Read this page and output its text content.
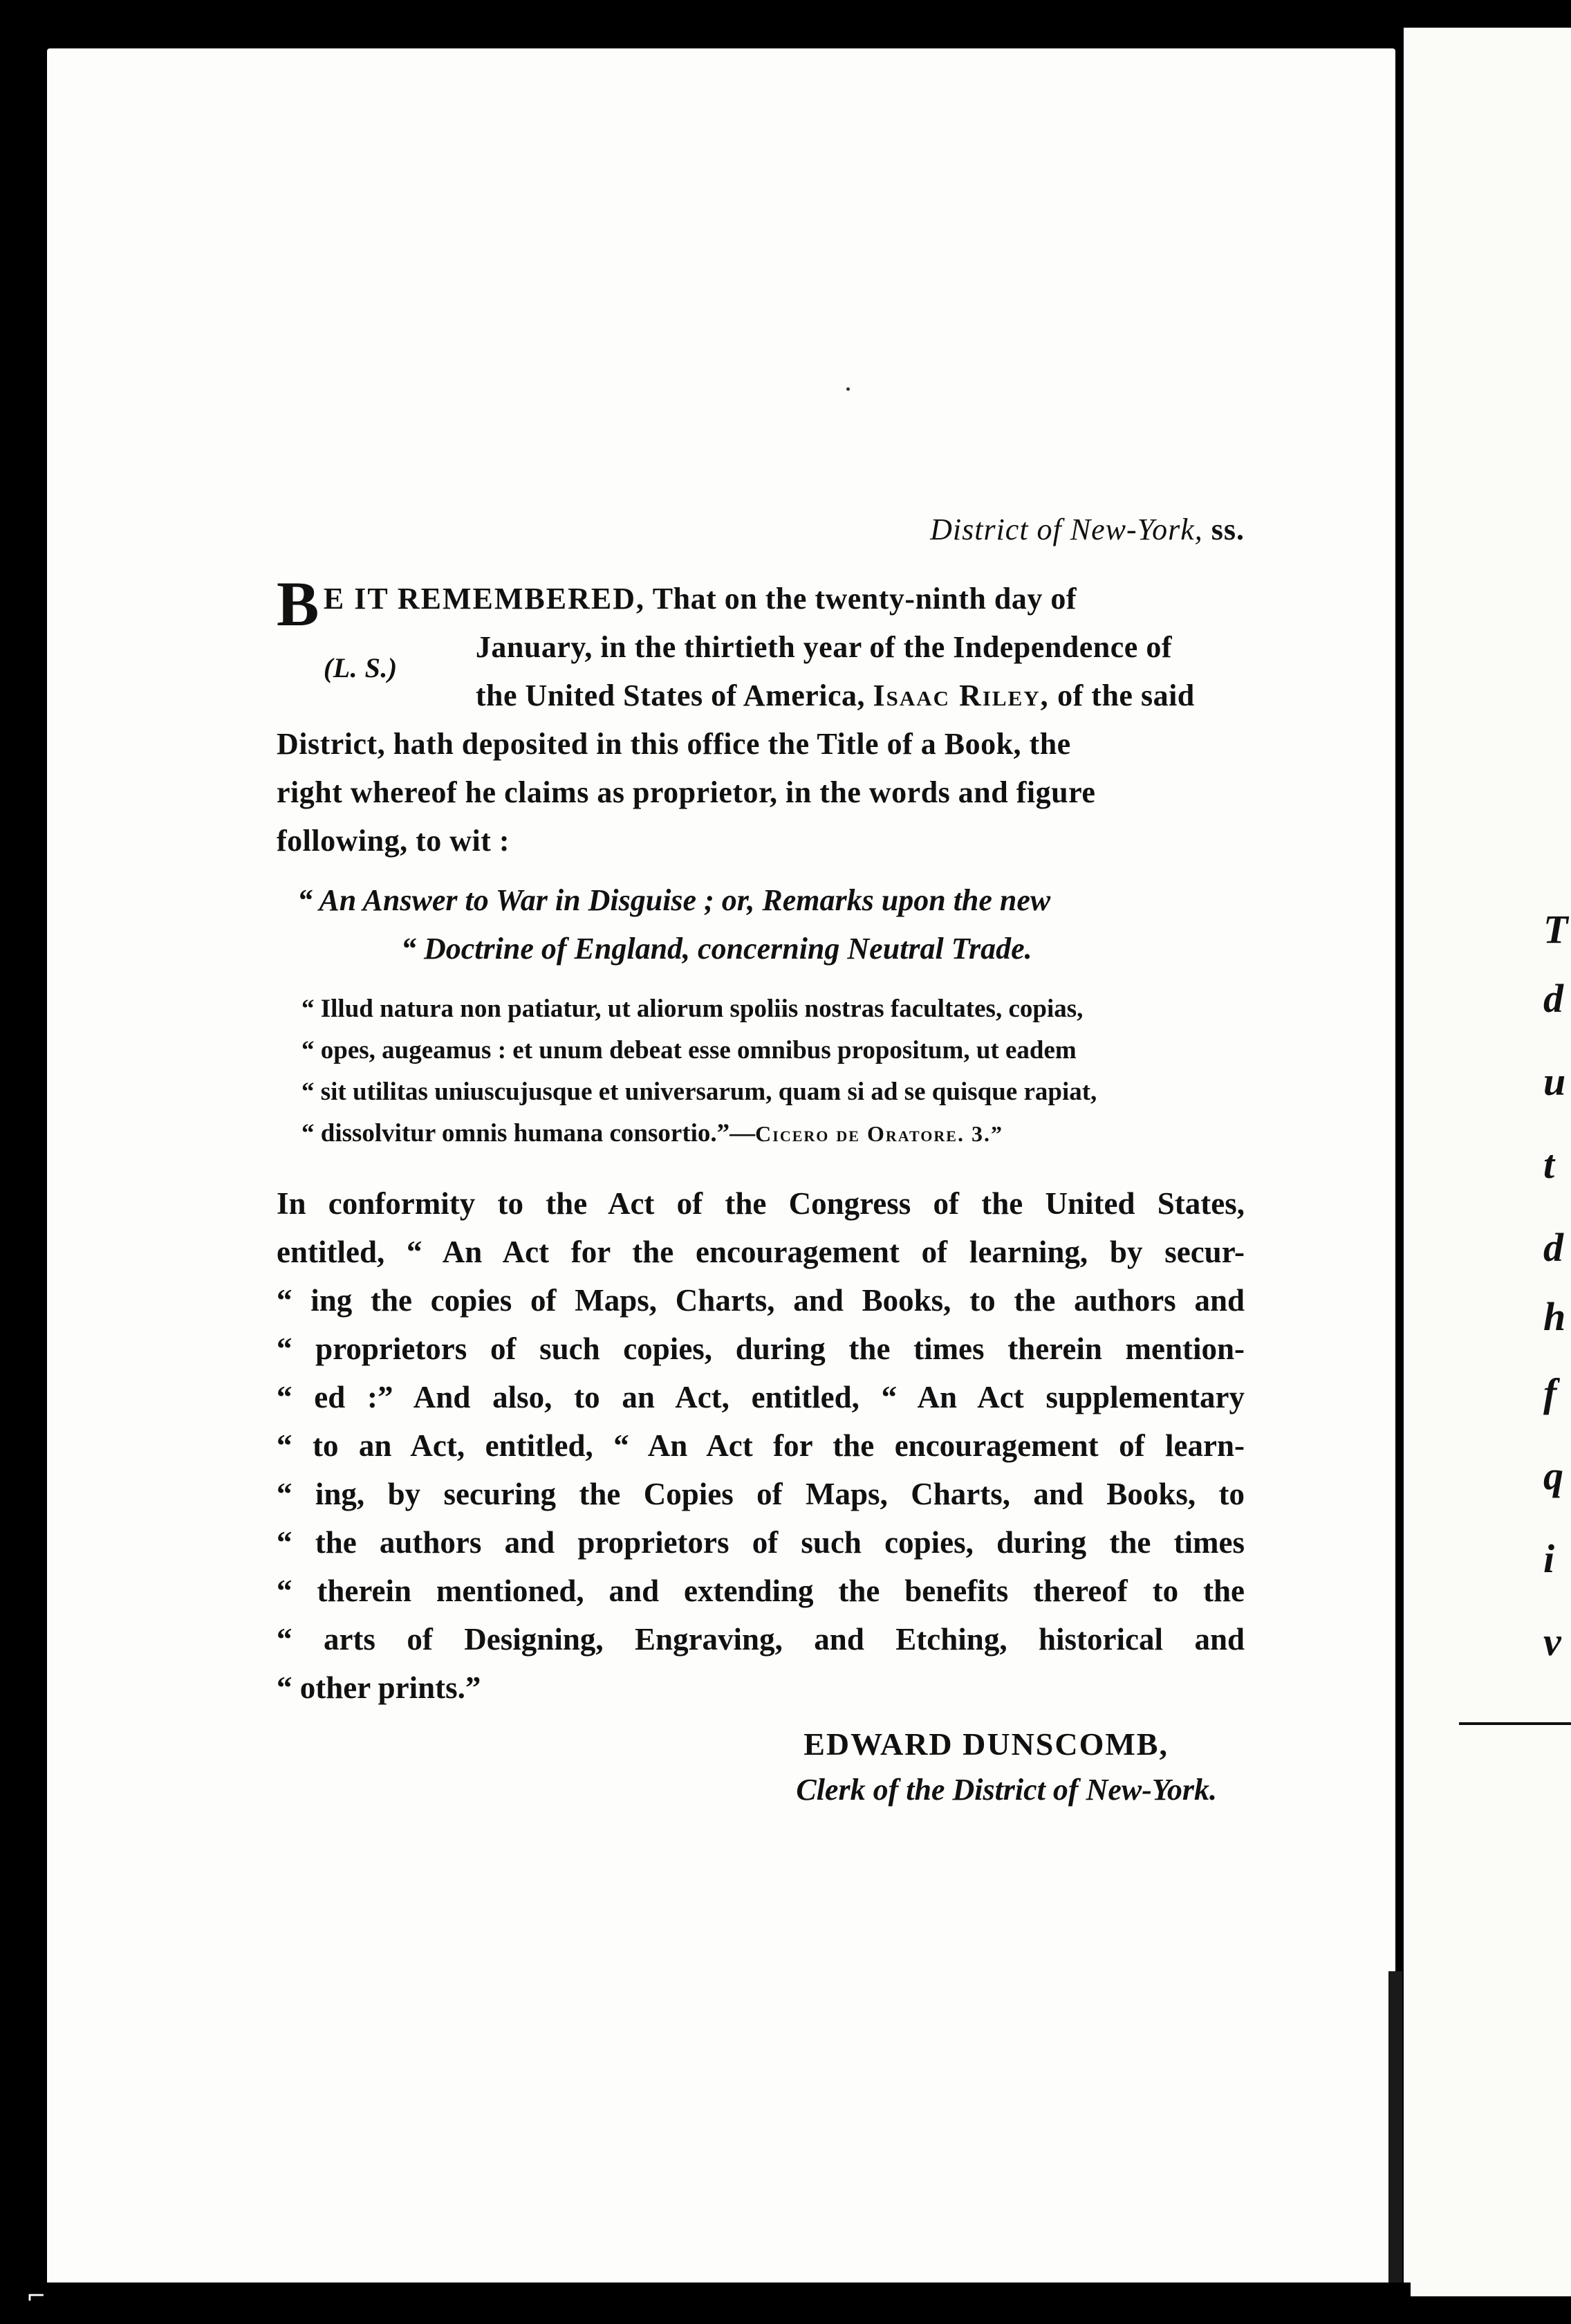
⌐
District of New-York, ss.
B E IT REMEMBERED, That on the twenty-ninth day of
(L. S.)
January, in the thirtieth year of the Independence of
the United States of America, Isaac Riley, of the said
District, hath deposited in this office the Title of a Book, the
right whereof he claims as proprietor, in the words and figure
following, to wit :
“ An Answer to War in Disguise ; or, Remarks upon the new
“ Doctrine of England, concerning Neutral Trade.
“ Illud natura non patiatur, ut aliorum spoliis nostras facultates, copias,
“ opes, augeamus : et unum debeat esse omnibus propositum, ut eadem
“ sit utilitas uniuscujusque et universarum, quam si ad se quisque rapiat,
“ dissolvitur omnis humana consortio.”—Cicero de Oratore. 3.”
In conformity to the Act of the Congress of the United States,
entitled, “ An Act for the encouragement of learning, by secur-
“ ing the copies of Maps, Charts, and Books, to the authors and
“ proprietors of such copies, during the times therein mention-
“ ed :” And also, to an Act, entitled, “ An Act supplementary
“ to an Act, entitled, “ An Act for the encouragement of learn-
“ ing, by securing the Copies of Maps, Charts, and Books, to
“ the authors and proprietors of such copies, during the times
“ therein mentioned, and extending the benefits thereof to the
“ arts of Designing, Engraving, and Etching, historical and
“ other prints.”
EDWARD DUNSCOMB,
Clerk of the District of New-York.
T
d
u
t
d
h
f
q
i
v
